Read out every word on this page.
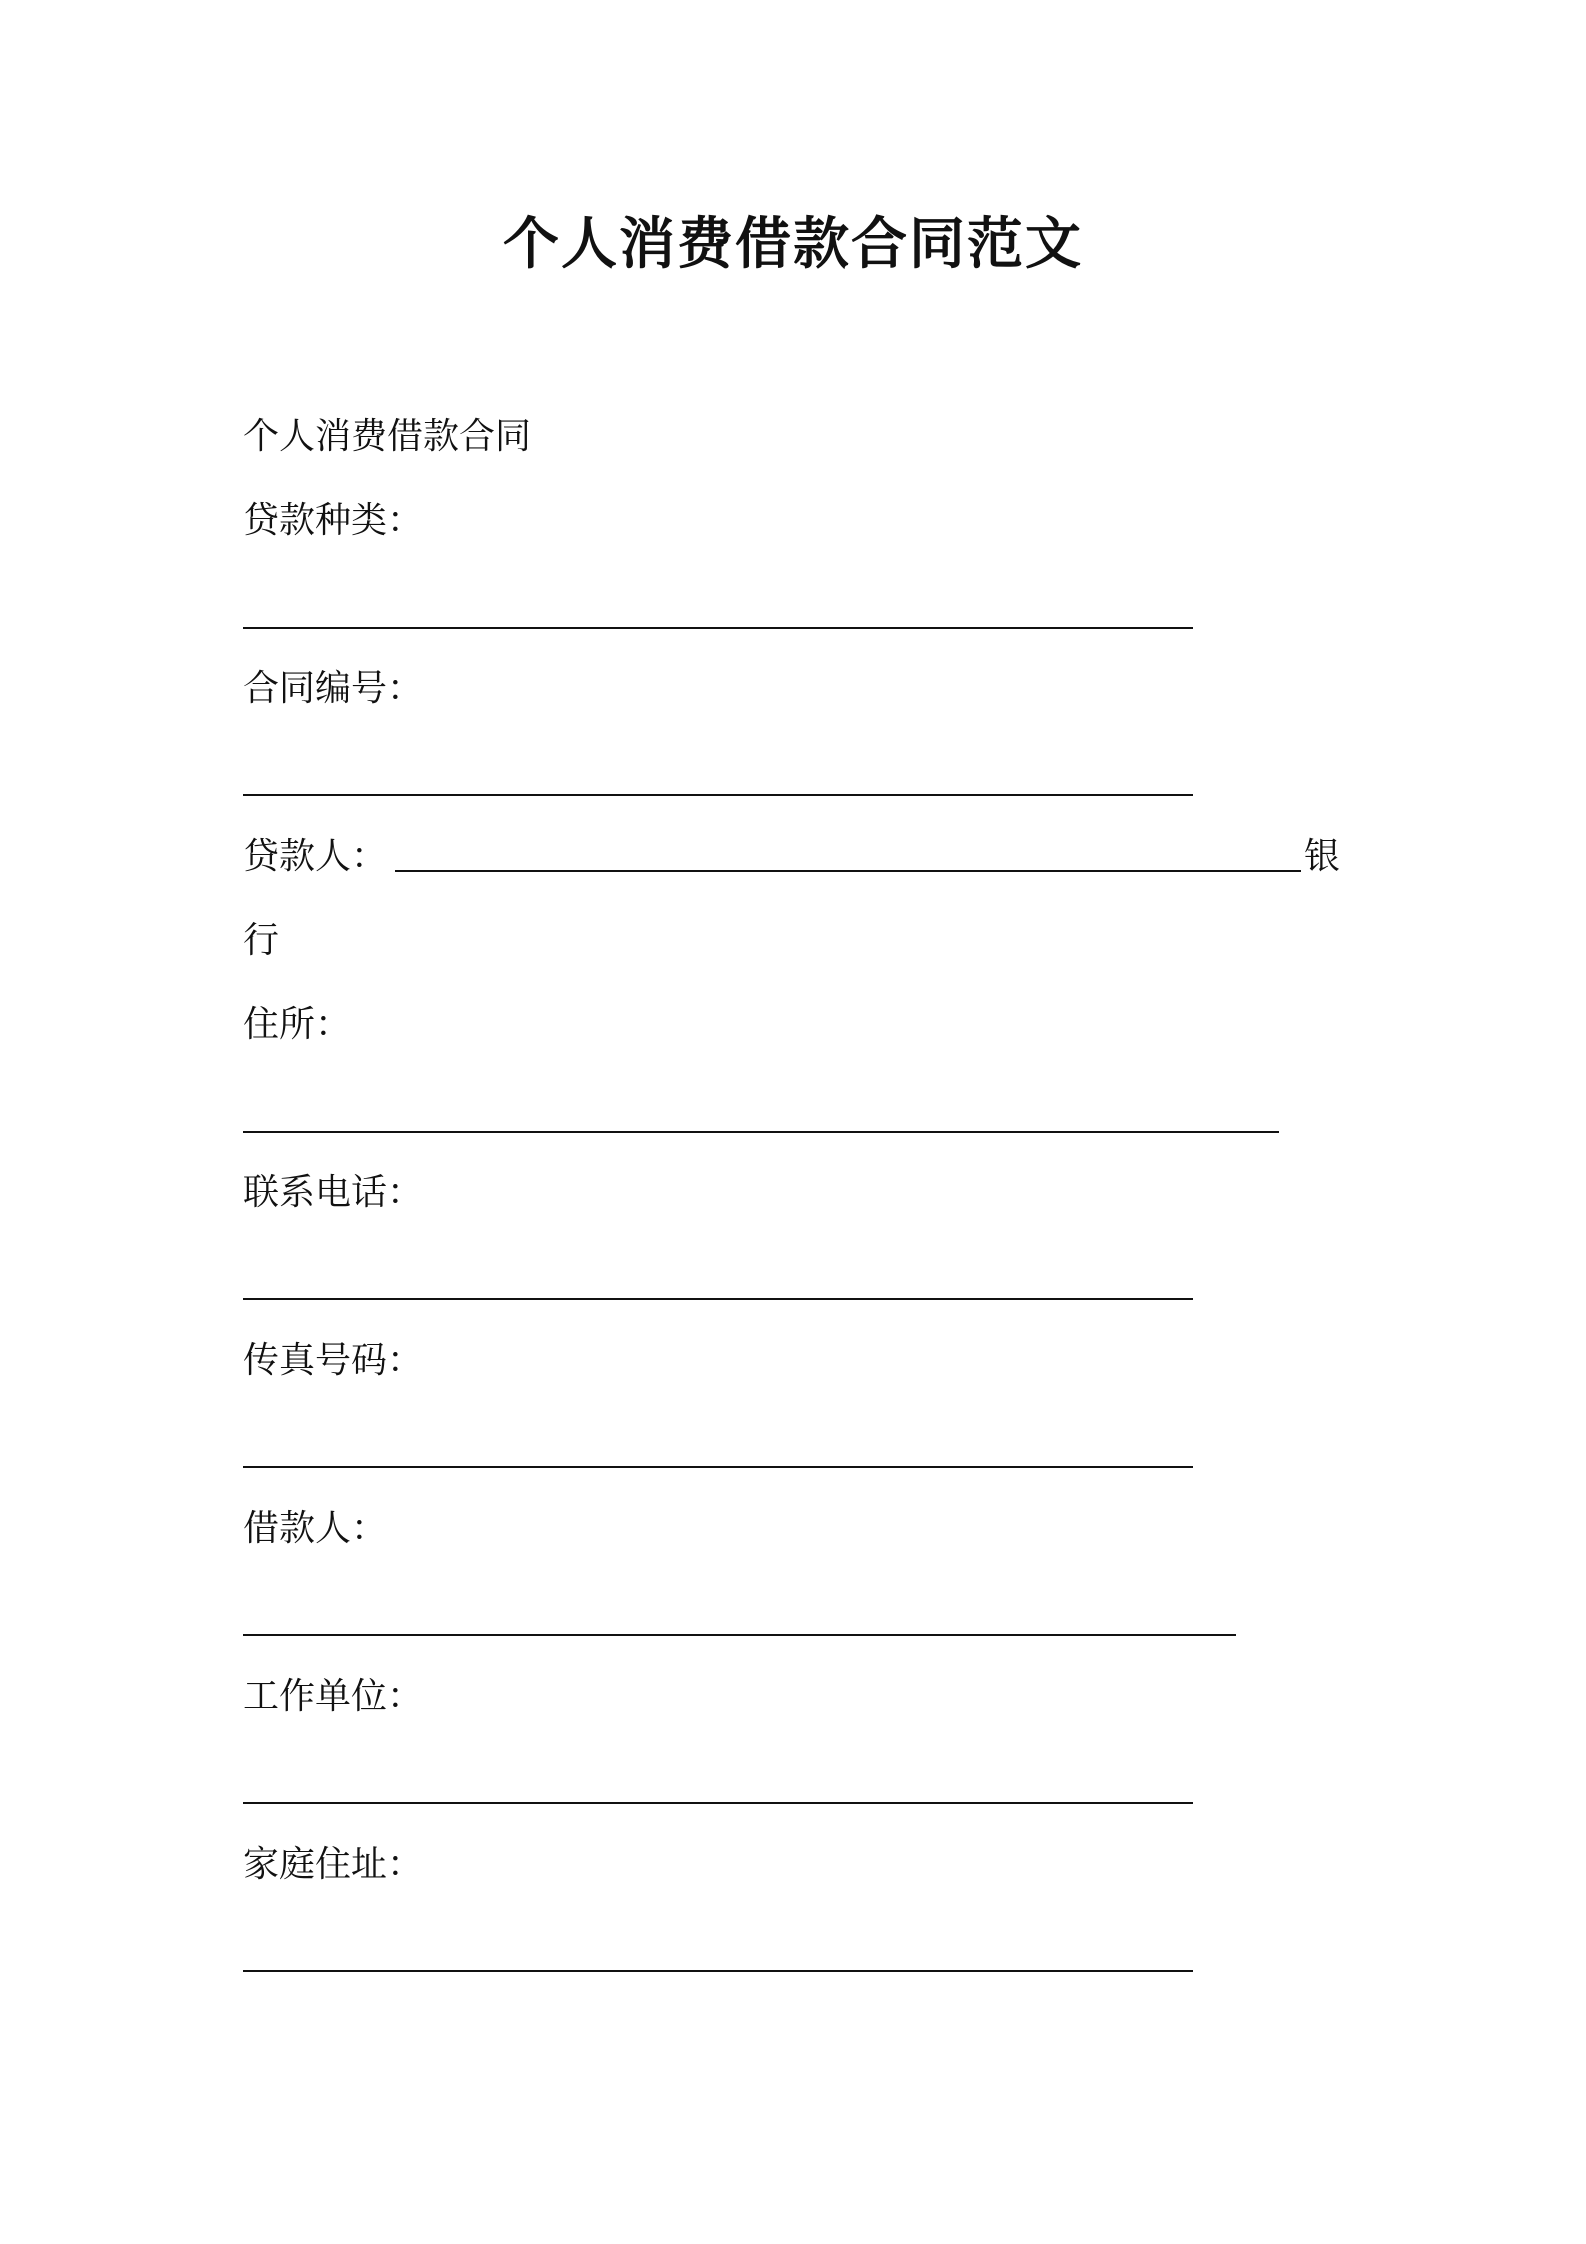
个人消费借款合同范文
个人消费借款合同
贷款种类：
合同编号：
贷款人：	银
行
住所：
联系电话：
传真号码：
借款人：
工作单位：
家庭住址：
